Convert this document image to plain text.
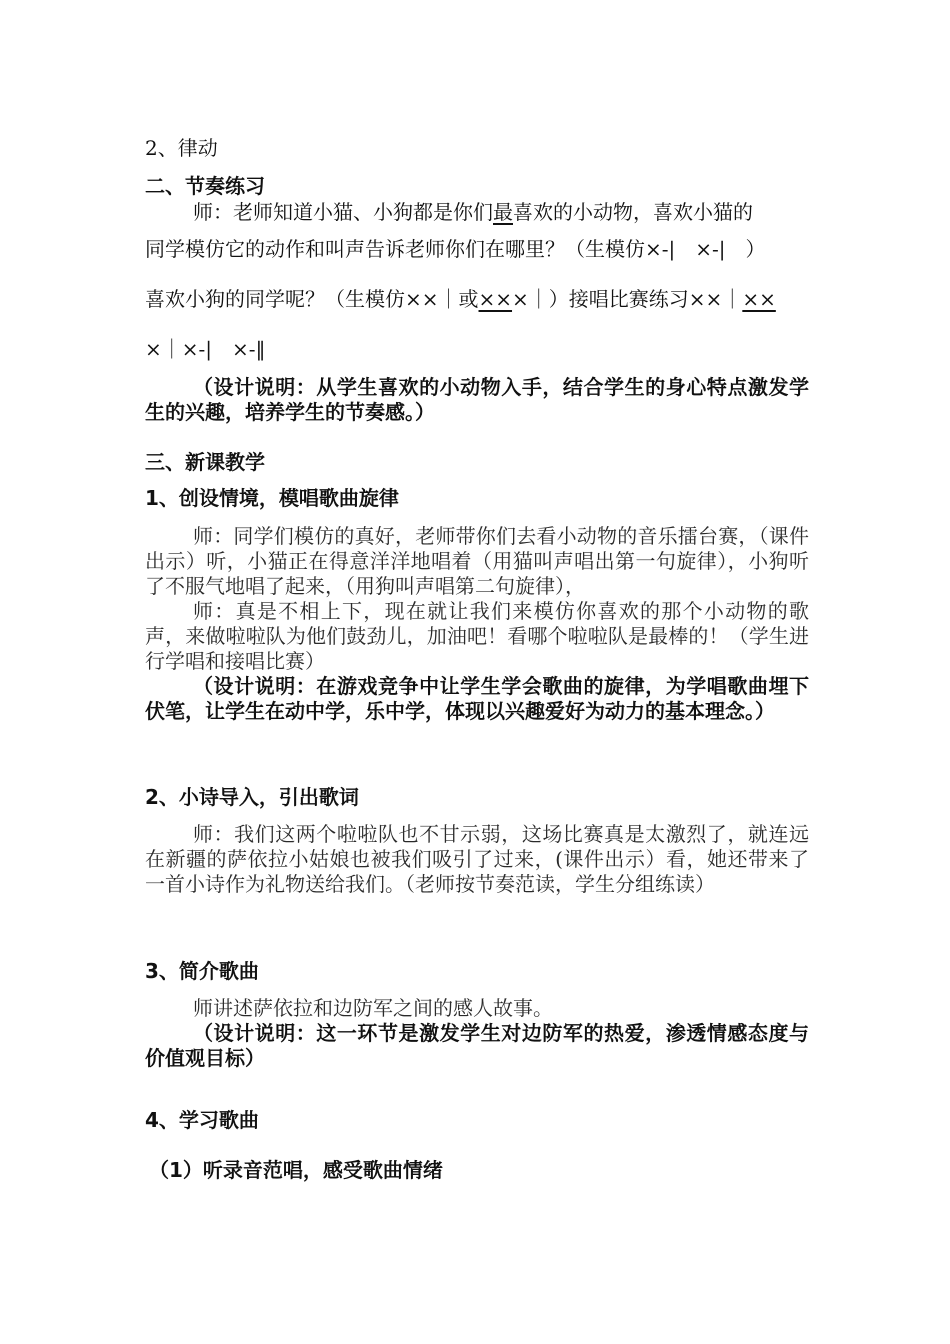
2、律动
二、节奏练习
师：老师知道小猫、小狗都是你们最喜欢的小动物，喜欢小猫的
同学模仿它的动作和叫声告诉老师你们在哪里？（生模仿×-|　×-|　）
喜欢小狗的同学呢？（生模仿××｜或×××｜）接唱比赛练习××｜××
×｜×-|　×-‖
（设计说明：从学生喜欢的小动物入手，结合学生的身心特点激发学生的兴趣，培养学生的节奏感。）
三、新课教学
1、创设情境，模唱歌曲旋律
师：同学们模仿的真好，老师带你们去看小动物的音乐擂台赛，（课件出示）听，小猫正在得意洋洋地唱着（用猫叫声唱出第一句旋律），小狗听了不服气地唱了起来，（用狗叫声唱第二句旋律），
师：真是不相上下，现在就让我们来模仿你喜欢的那个小动物的歌声，来做啦啦队为他们鼓劲儿，加油吧！看哪个啦啦队是最棒的！（学生进行学唱和接唱比赛）
（设计说明：在游戏竞争中让学生学会歌曲的旋律，为学唱歌曲埋下伏笔，让学生在动中学，乐中学，体现以兴趣爱好为动力的基本理念。）
2、小诗导入，引出歌词
师：我们这两个啦啦队也不甘示弱，这场比赛真是太激烈了，就连远在新疆的萨依拉小姑娘也被我们吸引了过来，(课件出示）看，她还带来了一首小诗作为礼物送给我们。（老师按节奏范读，学生分组练读）
3、简介歌曲
师讲述萨依拉和边防军之间的感人故事。
（设计说明：这一环节是激发学生对边防军的热爱，渗透情感态度与价值观目标）
4、学习歌曲
（1）听录音范唱，感受歌曲情绪
